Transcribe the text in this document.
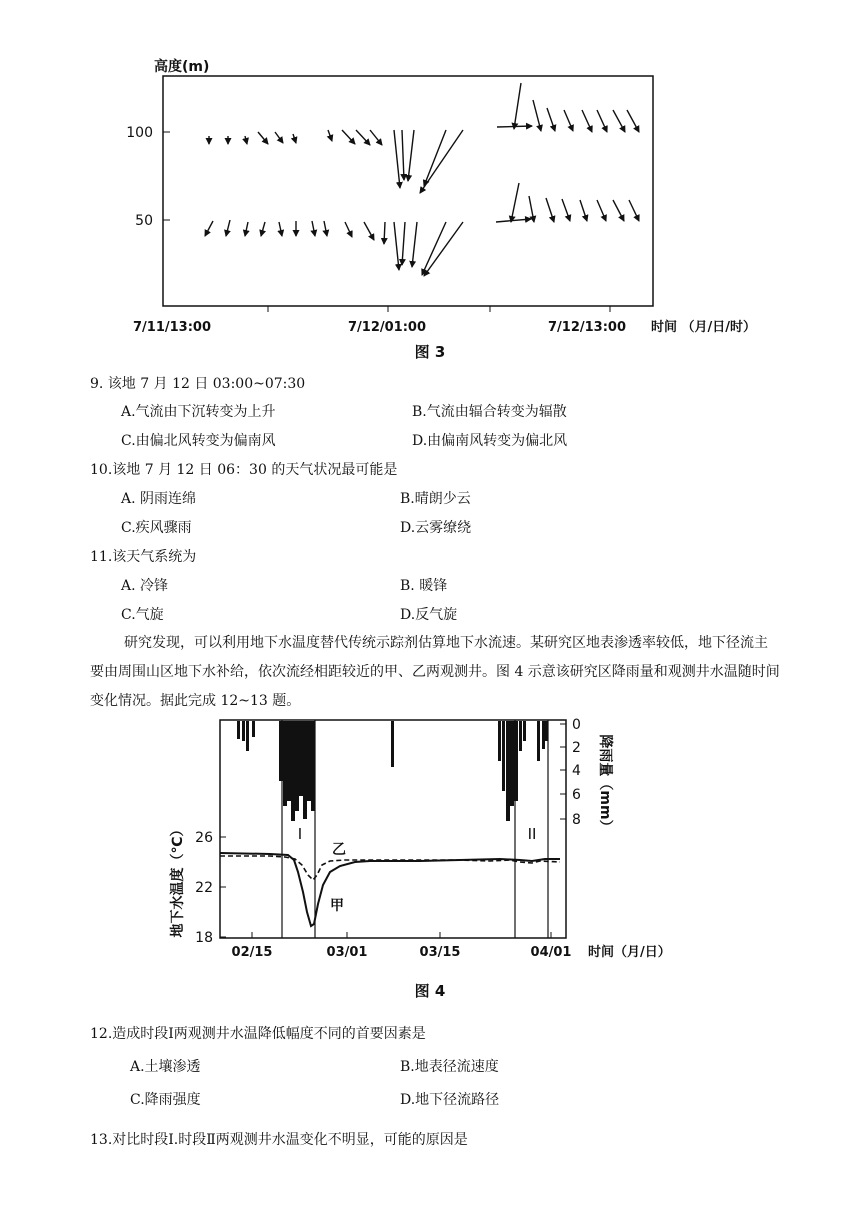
高度(m)
100
50
7/11/13:00	7/12/01:00	7/12/13:00 时间 （月/日/时）
图 3
9. 该地 7 月 12 日 03:00~07:30
A.气流由下沉转变为上升	B.气流由辐合转变为辐散
C.由偏北风转变为偏南风	D.由偏南风转变为偏北风
10.该地 7 月 12 日 06：30 的天气状况最可能是
A. 阴雨连绵	B.晴朗少云
C.疾风骤雨	D.云雾缭绕
11.该天气系统为
A. 冷锋	B. 暖锋
C.气旋	D.反气旋
研究发现，可以利用地下水温度替代传统示踪剂估算地下水流速。某研究区地表渗透率较低，地下径流主要由周围山区地下水补给，依次流经相距较近的甲、乙两观测井。图 4 示意该研究区降雨量和观测井水温随时间变化情况。据此完成 12~13 题。
26
22
18
地下水温度（℃）
0
2
4
6
8 降雨量（mm）
I	II
乙
甲
02/15	03/01	03/15	04/01 时间（月/日）
图 4
12.造成时段Ⅰ两观测井水温降低幅度不同的首要因素是
A.土壤渗透	B.地表径流速度
C.降雨强度	D.地下径流路径
13.对比时段Ⅰ.时段Ⅱ两观测井水温变化不明显，可能的原因是
